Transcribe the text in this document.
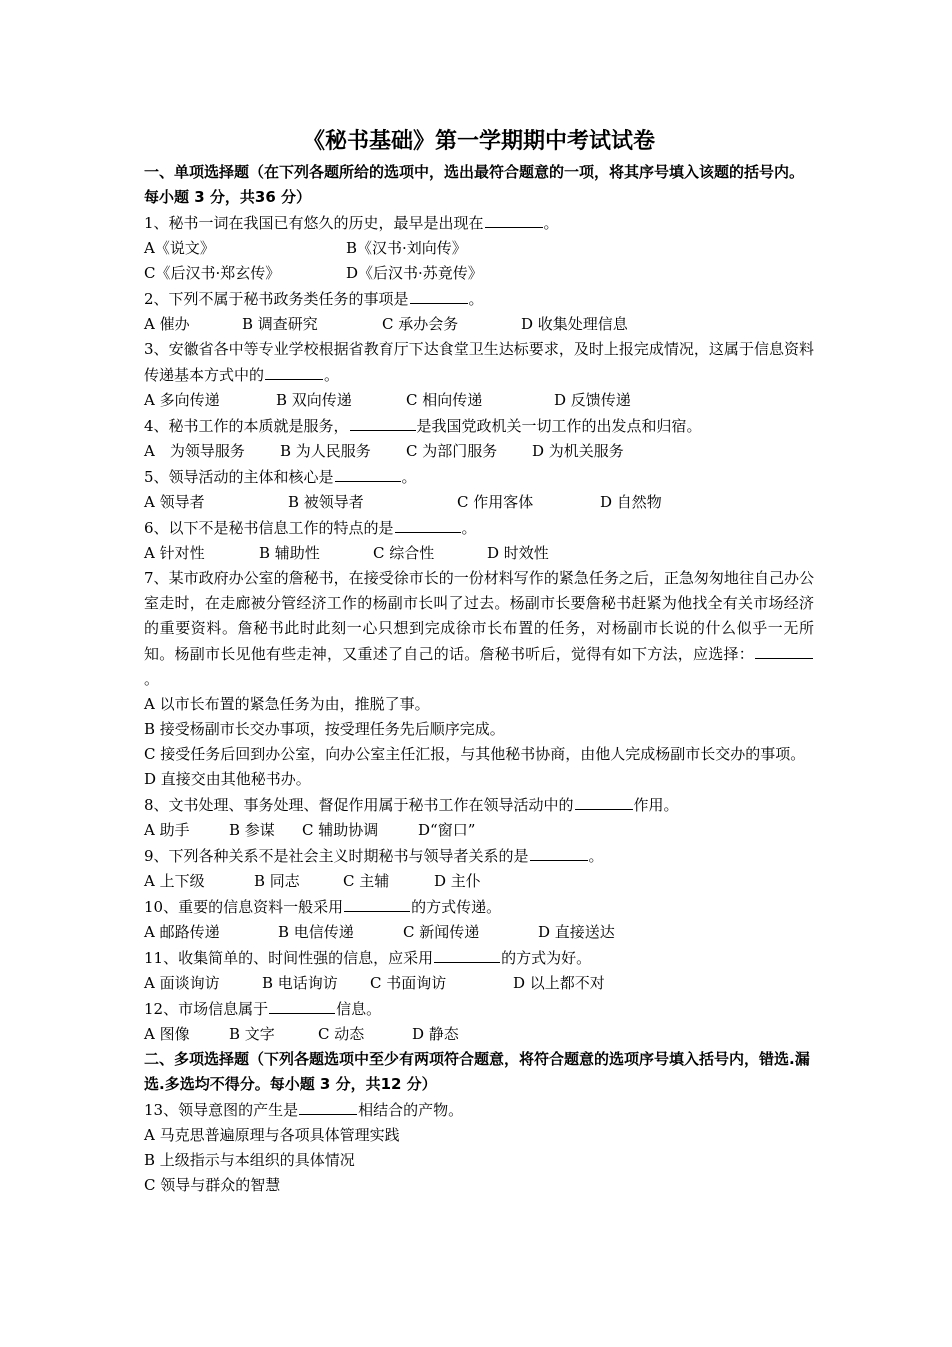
《秘书基础》第一学期期中考试试卷

一、单项选择题（在下列各题所给的选项中，选出最符合题意的一项，将其序号填入该题的括号内。每小题 3 分，共36 分）

1、秘书一词在我国已有悠久的历史，最早是出现在	。

A《说文》	B《汉书·刘向传》
C《后汉书·郑玄传》	D《后汉书·苏竟传》

2、下列不属于秘书政务类任务的事项是	。

A 催办	B 调查研究	C 承办会务	D 收集处理信息

3、安徽省各中等专业学校根据省教育厅下达食堂卫生达标要求，及时上报完成情况，这属于信息资料传递基本方式中的	。

A 多向传递	B 双向传递	C 相向传递	D 反馈传递

4、秘书工作的本质就是服务，	是我国党政机关一切工作的出发点和归宿。

A　为领导服务 B 为人民服务 C 为部门服务 D 为机关服务

5、领导活动的主体和核心是	。

A 领导者	B 被领导者	C 作用客体	D 自然物

6、以下不是秘书信息工作的特点的是	。

A 针对性	B 辅助性	C 综合性	D 时效性

7、某市政府办公室的詹秘书，在接受徐市长的一份材料写作的紧急任务之后，正急匆匆地往自己办公室走时，在走廊被分管经济工作的杨副市长叫了过去。杨副市长要詹秘书赶紧为他找全有关市场经济的重要资料。詹秘书此时此刻一心只想到完成徐市长布置的任务，对杨副市长说的什么似乎一无所知。杨副市长见他有些走神，又重述了自己的话。詹秘书听后，觉得有如下方法，应选择：。

A 以市长布置的紧急任务为由，推脱了事。

B 接受杨副市长交办事项，按受理任务先后顺序完成。

C 接受任务后回到办公室，向办公室主任汇报，与其他秘书协商，由他人完成杨副市长交办的事项。

D 直接交由其他秘书办。

8、文书处理、事务处理、督促作用属于秘书工作在领导活动中的	作用。

A 助手	B 参谋 C 辅助协调	D“窗口”

9、下列各种关系不是社会主义时期秘书与领导者关系的是	。

A 上下级	B 同志	C 主辅	D 主仆

10、重要的信息资料一般采用	的方式传递。

A 邮路传递	B 电信传递	C 新闻传递	D 直接送达

11、收集简单的、时间性强的信息，应采用	的方式为好。

A 面谈询访	B 电话询访 C 书面询访	D 以上都不对

12、市场信息属于	信息。

A 图像	B 文字	C 动态	D 静态

二、多项选择题（下列各题选项中至少有两项符合题意，将符合题意的选项序号填入括号内，错选.漏选.多选均不得分。每小题 3 分，共12 分）

13、领导意图的产生是	相结合的产物。

A 马克思普遍原理与各项具体管理实践

B 上级指示与本组织的具体情况

C 领导与群众的智慧
